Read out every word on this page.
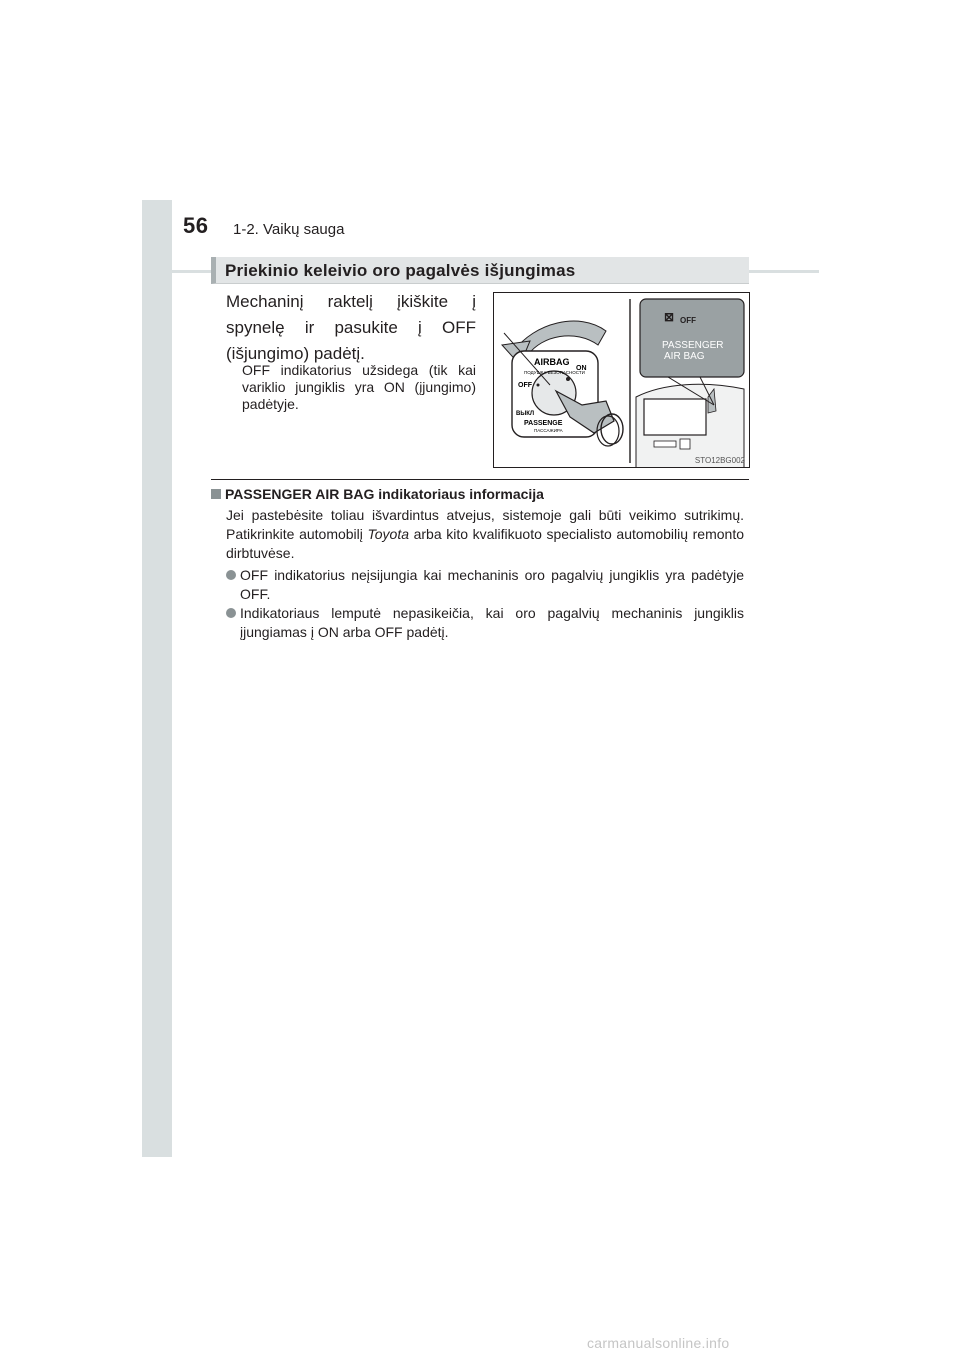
56 1-2. Vaikų sauga
Priekinio keleivio oro pagalvės išjungimas
Mechaninį raktelį įkiškite į spynelę ir pasukite į OFF (išjungimo) padėtį.
OFF indikatorius užsidega (tik kai variklio jungiklis yra ON (įjungimo) padėtyje.
AIRBAG
ПОДУШКА БЕЗОПАСНОСТИ
OFF
ON
ВЫКЛ
PASSENGE
ПАССАЖИРА
⊠ OFF
PASSENGER
AIR BAG
STO12BG002
PASSENGER AIR BAG indikatoriaus informacija
Jei pastebėsite toliau išvardintus atvejus, sistemoje gali būti veikimo sutrikimų. Patikrinkite automobilį Toyota arba kito kvalifikuoto specialisto automobilių remonto dirbtuvėse.
OFF indikatorius neįsijungia kai mechaninis oro pagalvių jungiklis yra padėtyje OFF.
Indikatoriaus lemputė nepasikeičia, kai oro pagalvių mechaninis jungiklis įjungiamas į ON arba OFF padėtį.
carmanualsonline.info
